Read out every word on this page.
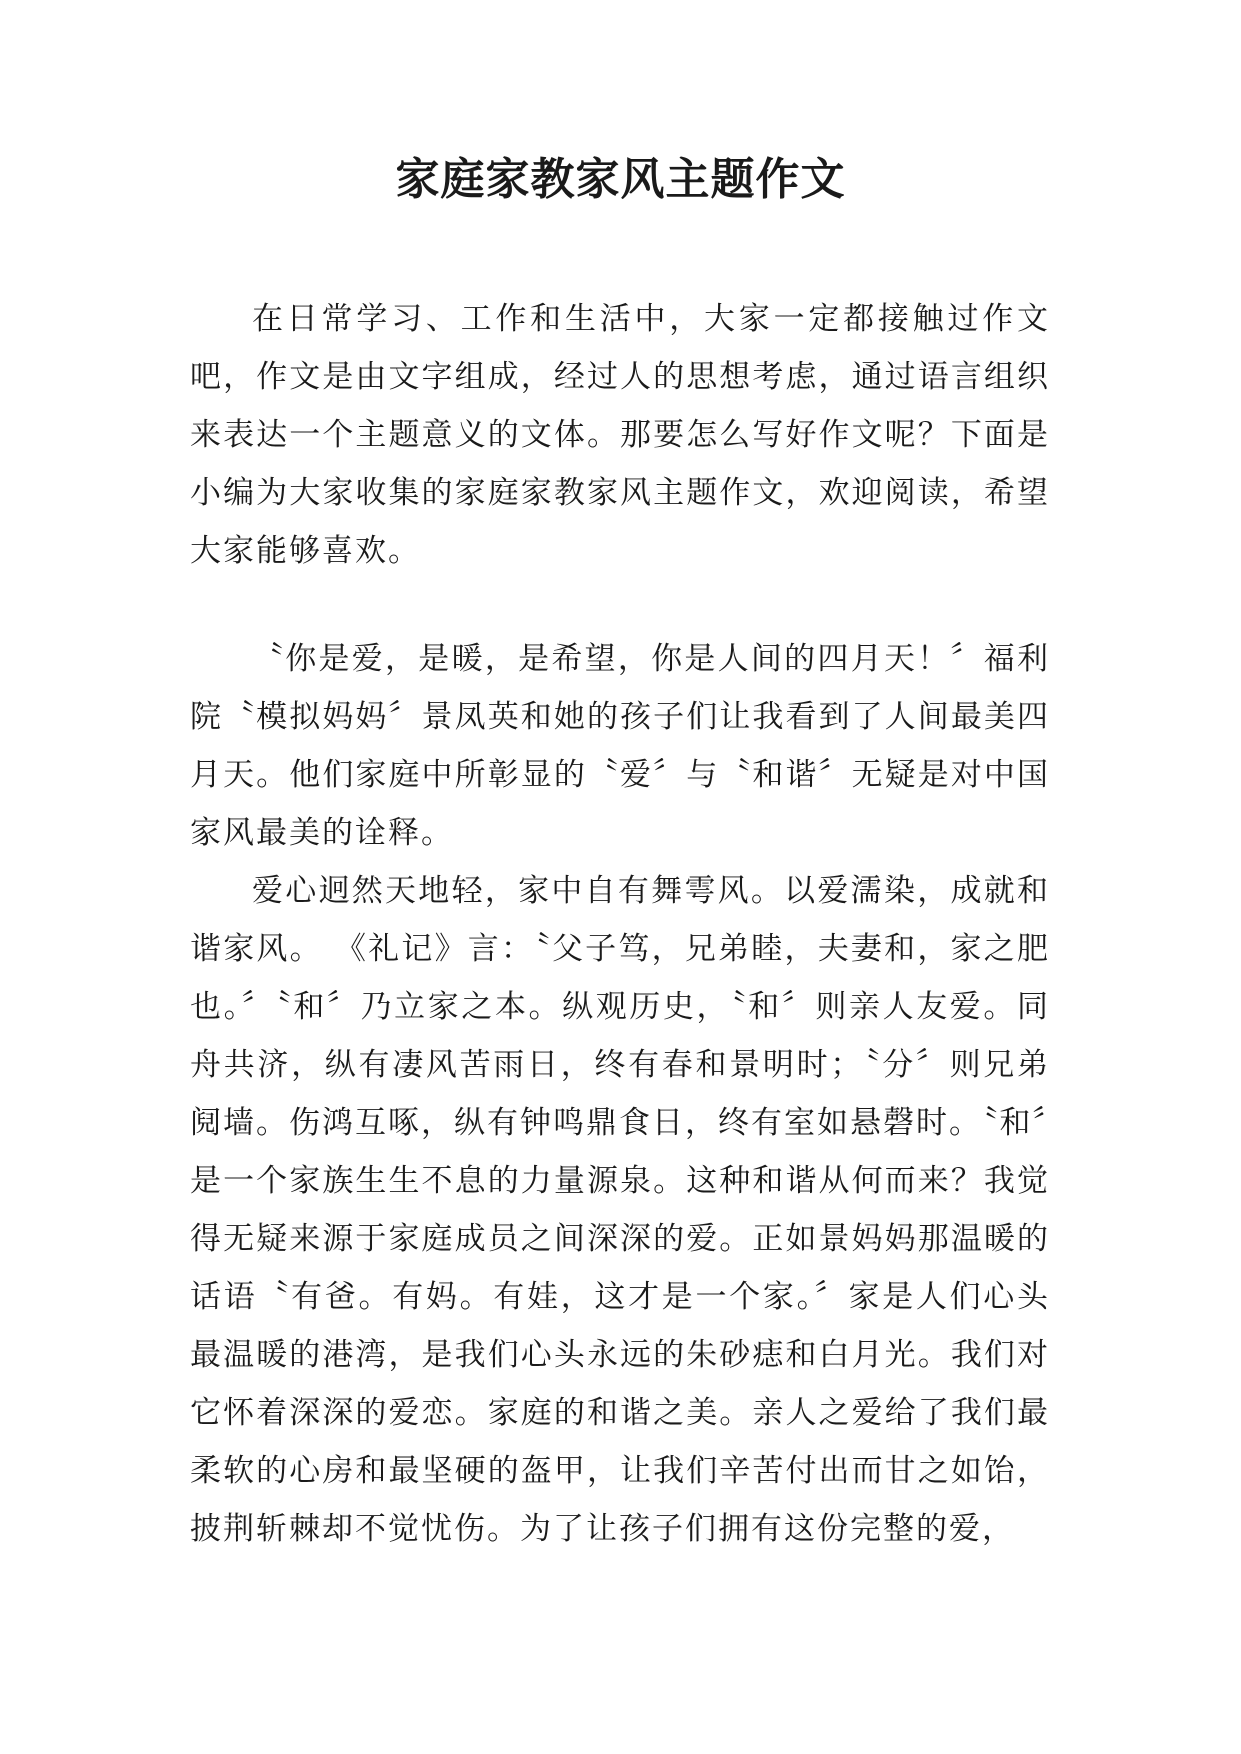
家庭家教家风主题作文

在日常学习、工作和生活中，大家一定都接触过作文吧，作文是由文字组成，经过人的思想考虑，通过语言组织来表达一个主题意义的文体。那要怎么写好作文呢？下面是小编为大家收集的家庭家教家风主题作文，欢迎阅读，希望大家能够喜欢。

〝你是爱，是暖，是希望，你是人间的四月天！〞福利院〝模拟妈妈〞景凤英和她的孩子们让我看到了人间最美四月天。他们家庭中所彰显的〝爱〞与〝和谐〞无疑是对中国家风最美的诠释。

爱心迥然天地轻，家中自有舞雩风。以爱濡染，成就和谐家风。 《礼记》言：〝父子笃，兄弟睦，夫妻和，家之肥也。〞〝和〞乃立家之本。纵观历史，〝和〞则亲人友爱。同舟共济，纵有凄风苦雨日，终有春和景明时；〝分〞则兄弟阋墙。伤鸿互啄，纵有钟鸣鼎食日，终有室如悬磬时。〝和〞是一个家族生生不息的力量源泉。这种和谐从何而来？我觉得无疑来源于家庭成员之间深深的爱。正如景妈妈那温暖的话语〝有爸。有妈。有娃，这才是一个家。〞家是人们心头最温暖的港湾，是我们心头永远的朱砂痣和白月光。我们对它怀着深深的爱恋。家庭的和谐之美。亲人之爱给了我们最柔软的心房和最坚硬的盔甲，让我们辛苦付出而甘之如饴，披荆斩棘却不觉忧伤。为了让孩子们拥有这份完整的爱，
